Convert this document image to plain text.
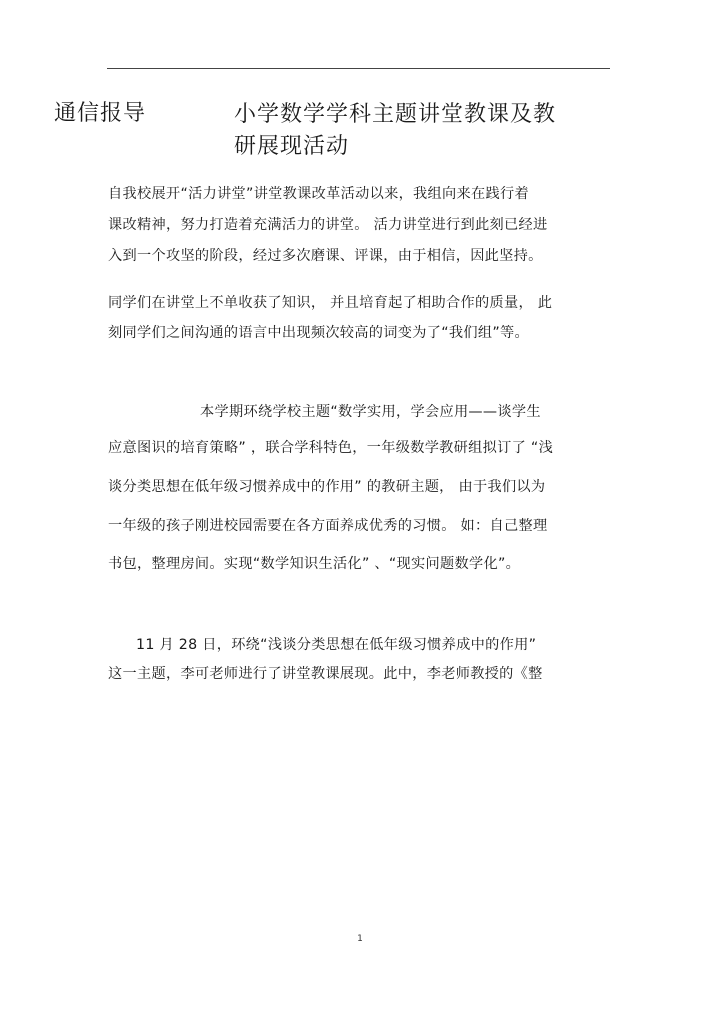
通信报导	小学数学学科主题讲堂教课及教
研展现活动
自我校展开“活力讲堂”讲堂教课改革活动以来，我组向来在践行着
课改精神，努力打造着充满活力的讲堂。 活力讲堂进行到此刻已经进
入到一个攻坚的阶段，经过多次磨课、评课，由于相信，因此坚持。
同学们在讲堂上不单收获了知识， 并且培育起了相助合作的质量， 此
刻同学们之间沟通的语言中出现频次较高的词变为了“我们组”等。
本学期环绕学校主题“数学实用，学会应用——谈学生
应意图识的培育策略” ，联合学科特色，一年级数学教研组拟订了 “浅
谈分类思想在低年级习惯养成中的作用” 的教研主题， 由于我们以为
一年级的孩子刚进校园需要在各方面养成优秀的习惯。 如：自己整理
书包，整理房间。实现“数学知识生活化” 、“现实问题数学化”。
11 月 28 日，环绕“浅谈分类思想在低年级习惯养成中的作用”
这一主题，李可老师进行了讲堂教课展现。此中，李老师教授的《整
1
